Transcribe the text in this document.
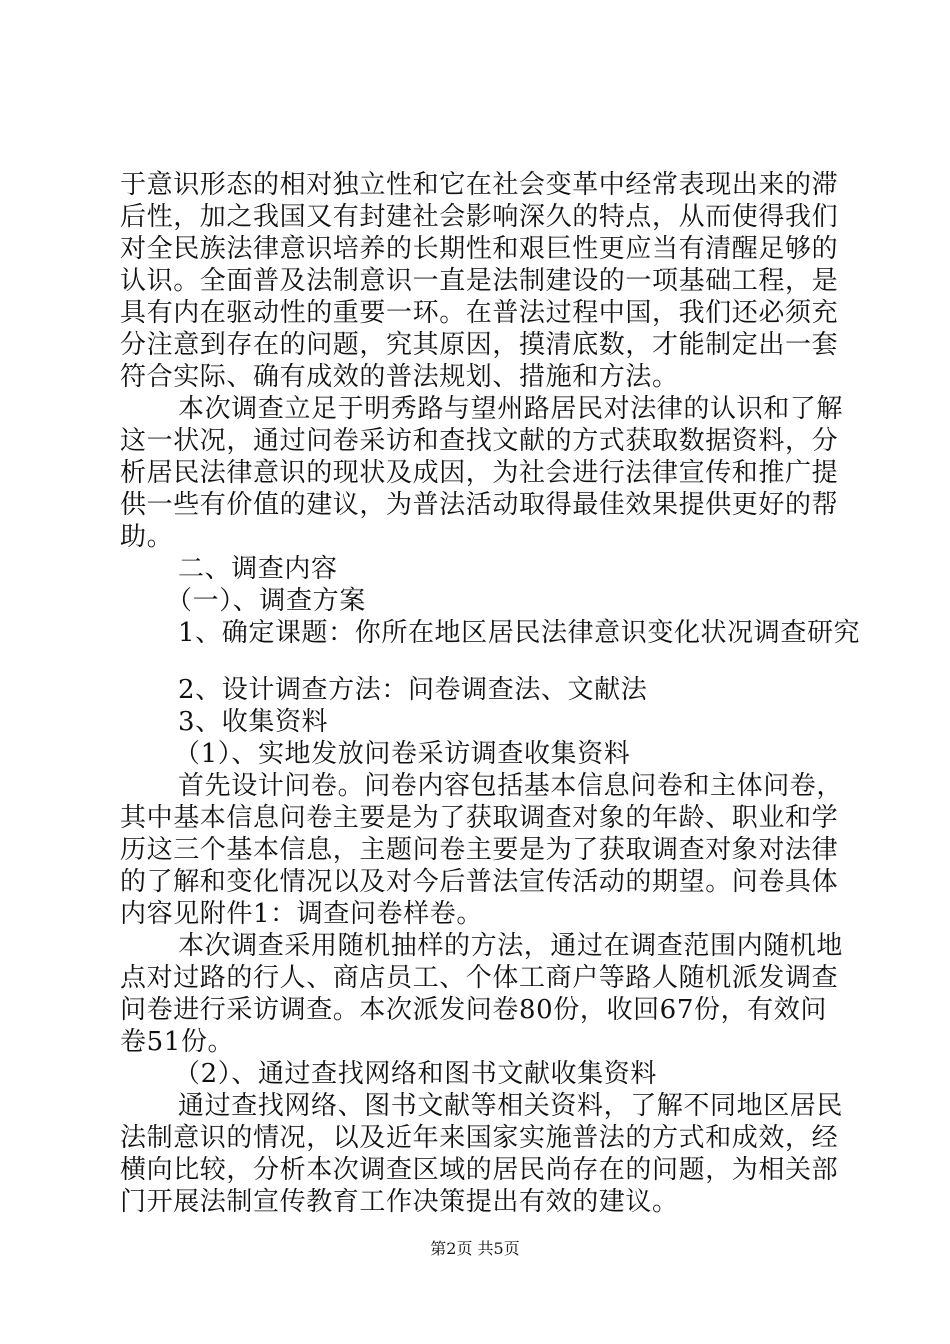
于意识形态的相对独立性和它在社会变革中经常表现出来的滞
后性，加之我国又有封建社会影响深久的特点，从而使得我们
对全民族法律意识培养的长期性和艰巨性更应当有清醒足够的
认识。全面普及法制意识一直是法制建设的一项基础工程，是
具有内在驱动性的重要一环。在普法过程中国，我们还必须充
分注意到存在的问题，究其原因，摸清底数，才能制定出一套
符合实际、确有成效的普法规划、措施和方法。
本次调查立足于明秀路与望州路居民对法律的认识和了解
这一状况，通过问卷采访和查找文献的方式获取数据资料，分
析居民法律意识的现状及成因，为社会进行法律宣传和推广提
供一些有价值的建议，为普法活动取得最佳效果提供更好的帮
助。
二、调查内容
（一）、调查方案
1、确定课题：你所在地区居民法律意识变化状况调查研究
2、设计调查方法：问卷调查法、文献法
3、收集资料
（1）、实地发放问卷采访调查收集资料
首先设计问卷。问卷内容包括基本信息问卷和主体问卷，
其中基本信息问卷主要是为了获取调查对象的年龄、职业和学
历这三个基本信息，主题问卷主要是为了获取调查对象对法律
的了解和变化情况以及对今后普法宣传活动的期望。问卷具体
内容见附件1：调查问卷样卷。
本次调查采用随机抽样的方法，通过在调查范围内随机地
点对过路的行人、商店员工、个体工商户等路人随机派发调查
问卷进行采访调查。本次派发问卷80份，收回67份，有效问
卷51份。
（2）、通过查找网络和图书文献收集资料
通过查找网络、图书文献等相关资料，了解不同地区居民
法制意识的情况，以及近年来国家实施普法的方式和成效，经
横向比较，分析本次调查区域的居民尚存在的问题，为相关部
门开展法制宣传教育工作决策提出有效的建议。
第2页 共5页
